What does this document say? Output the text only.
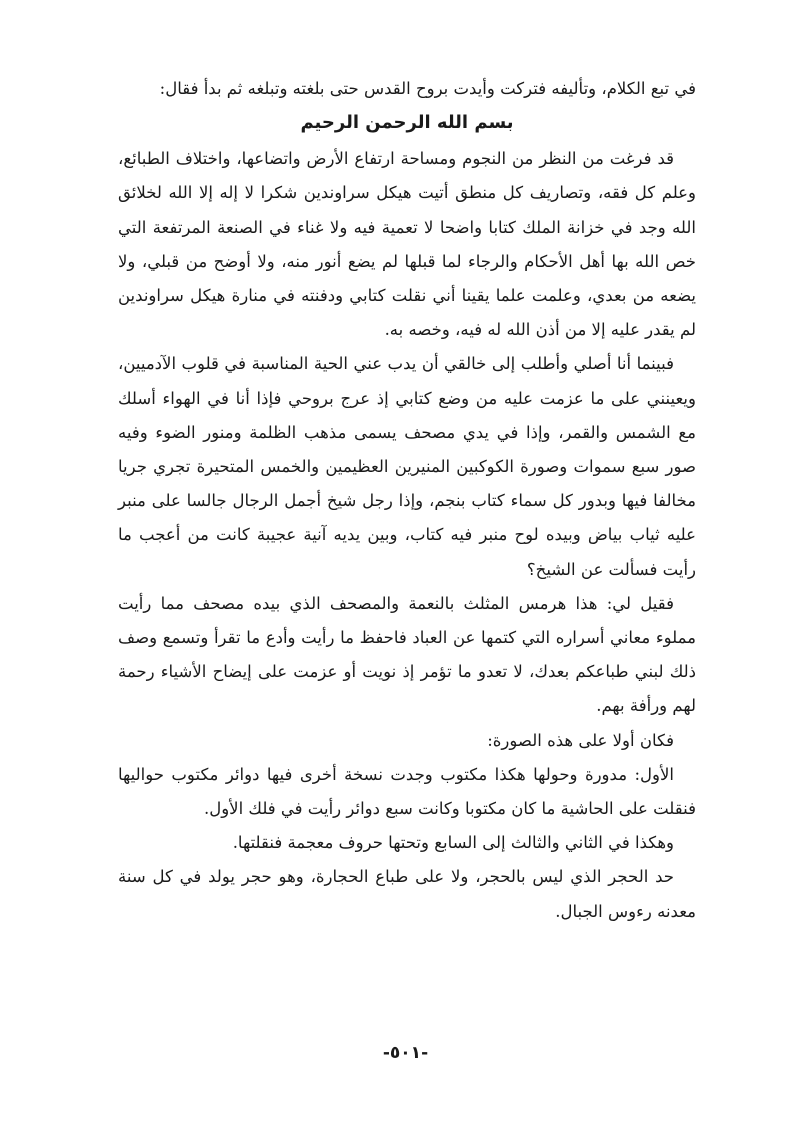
في تبع الكلام، وتأليفه فتركت وأيدت بروح القدس حتى بلغته وتبلغه ثم بدأ فقال:

بسم الله الرحمن الرحيم

قد فرغت من النظر من النجوم ومساحة ارتفاع الأرض واتضاعها، واختلاف الطبائع، وعلم كل فقه، وتصاريف كل منطق أتيت هيكل سراوندين شكرا لا إله إلا الله لخلائق الله وجد في خزانة الملك كتابا واضحا لا تعمية فيه ولا غناء في الصنعة المرتفعة التي خص الله بها أهل الأحكام والرجاء لما قبلها لم يضع أنور منه، ولا أوضح من قبلي، ولا يضعه من بعدي، وعلمت علما يقينا أني نقلت كتابي ودفنته في منارة هيكل سراوندين لم يقدر عليه إلا من أذن الله له فيه، وخصه به.

فبينما أنا أصلي وأطلب إلى خالقي أن يدب عني الحية المناسبة في قلوب الآدميين، ويعينني على ما عزمت عليه من وضع كتابي إذ عرج بروحي فإذا أنا في الهواء أسلك مع الشمس والقمر، وإذا في يدي مصحف يسمى مذهب الظلمة ومنور الضوء وفيه صور سبع سموات وصورة الكوكبين المنيرين العظيمين والخمس المتحيرة تجري جريا مخالفا فيها وبدور كل سماء كتاب بنجم، وإذا رجل شيخ أجمل الرجال جالسا على منبر عليه ثياب بياض وبيده لوح منبر فيه كتاب، وبين يديه آنية عجيبة كانت من أعجب ما رأيت فسألت عن الشيخ؟

فقيل لي: هذا هرمس المثلث بالنعمة والمصحف الذي بيده مصحف مما رأيت مملوء معاني أسراره التي كتمها عن العباد فاحفظ ما رأيت وأدع ما تقرأ وتسمع وصف ذلك لبني طباعكم بعدك، لا تعدو ما تؤمر إذ نويت أو عزمت على إيضاح الأشياء رحمة لهم ورأفة بهم.

فكان أولا على هذه الصورة:

الأول: مدورة وحولها هكذا مكتوب وجدت نسخة أخرى فيها دوائر مكتوب حواليها فنقلت على الحاشية ما كان مكتوبا وكانت سبع دوائر رأيت في فلك الأول.

وهكذا في الثاني والثالث إلى السابع وتحتها حروف معجمة فنقلتها.

حد الحجر الذي ليس بالحجر، ولا على طباع الحجارة، وهو حجر يولد في كل سنة معدنه رءوس الجبال.

-٥٠١-
